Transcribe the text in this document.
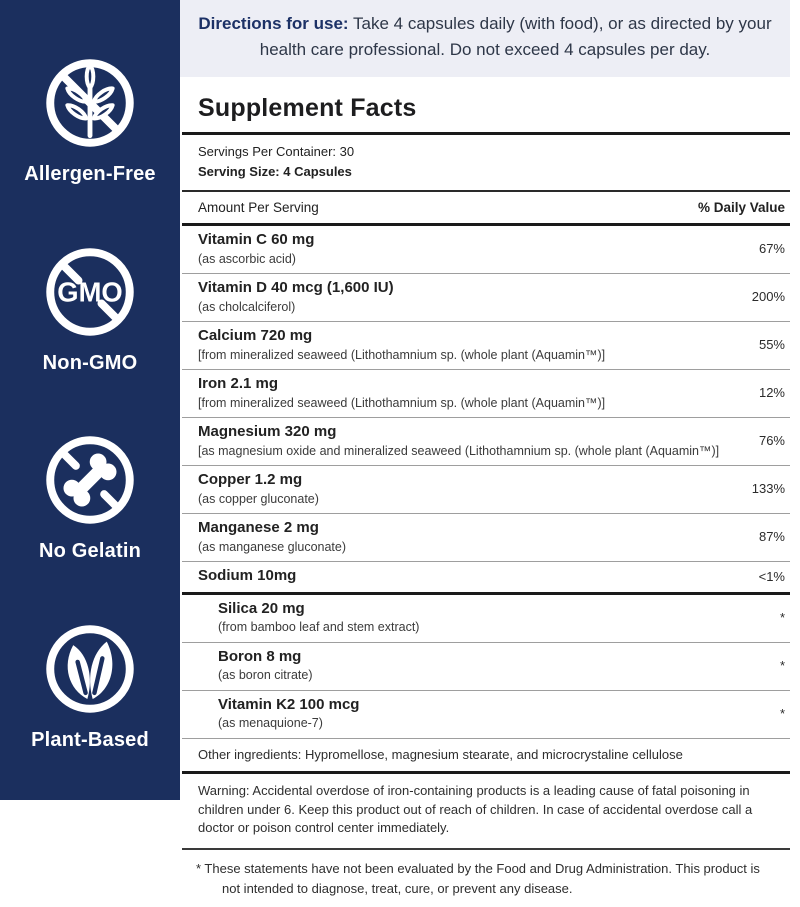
Allergen-Free
GMO
Non-GMO
No Gelatin
Plant-Based
Directions for use: Take 4 capsules daily (with food), or as directed by your health care professional. Do not exceed 4 capsules per day.
Supplement Facts
Servings Per Container: 30
Serving Size: 4 Capsules
Amount Per Serving	% Daily Value
Vitamin C 60 mg
(as ascorbic acid)
67%
Vitamin D 40 mcg (1,600 IU)
(as cholcalciferol)
200%
Calcium 720 mg
[from mineralized seaweed (Lithothamnium sp. (whole plant (Aquamin™)]
55%
Iron 2.1 mg
[from mineralized seaweed (Lithothamnium sp. (whole plant (Aquamin™)]
12%
Magnesium 320 mg
[as magnesium oxide and mineralized seaweed (Lithothamnium sp. (whole plant (Aquamin™)]
76%
Copper 1.2 mg
(as copper gluconate)
133%
Manganese 2 mg
(as manganese gluconate)
87%
Sodium 10mg	<1%
Silica 20 mg
(from bamboo leaf and stem extract)
*
Boron 8 mg
(as boron citrate)
*
Vitamin K2 100 mcg
(as menaquione-7)
*
Other ingredients: Hypromellose, magnesium stearate, and microcrystaline cellulose
Warning: Accidental overdose of iron-containing products is a leading cause of fatal poisoning in children under 6. Keep this product out of reach of children. In case of accidental overdose call a doctor or poison control center immediately.
* These statements have not been evaluated by the Food and Drug Administration. This product is not intended to diagnose, treat, cure, or prevent any disease.
